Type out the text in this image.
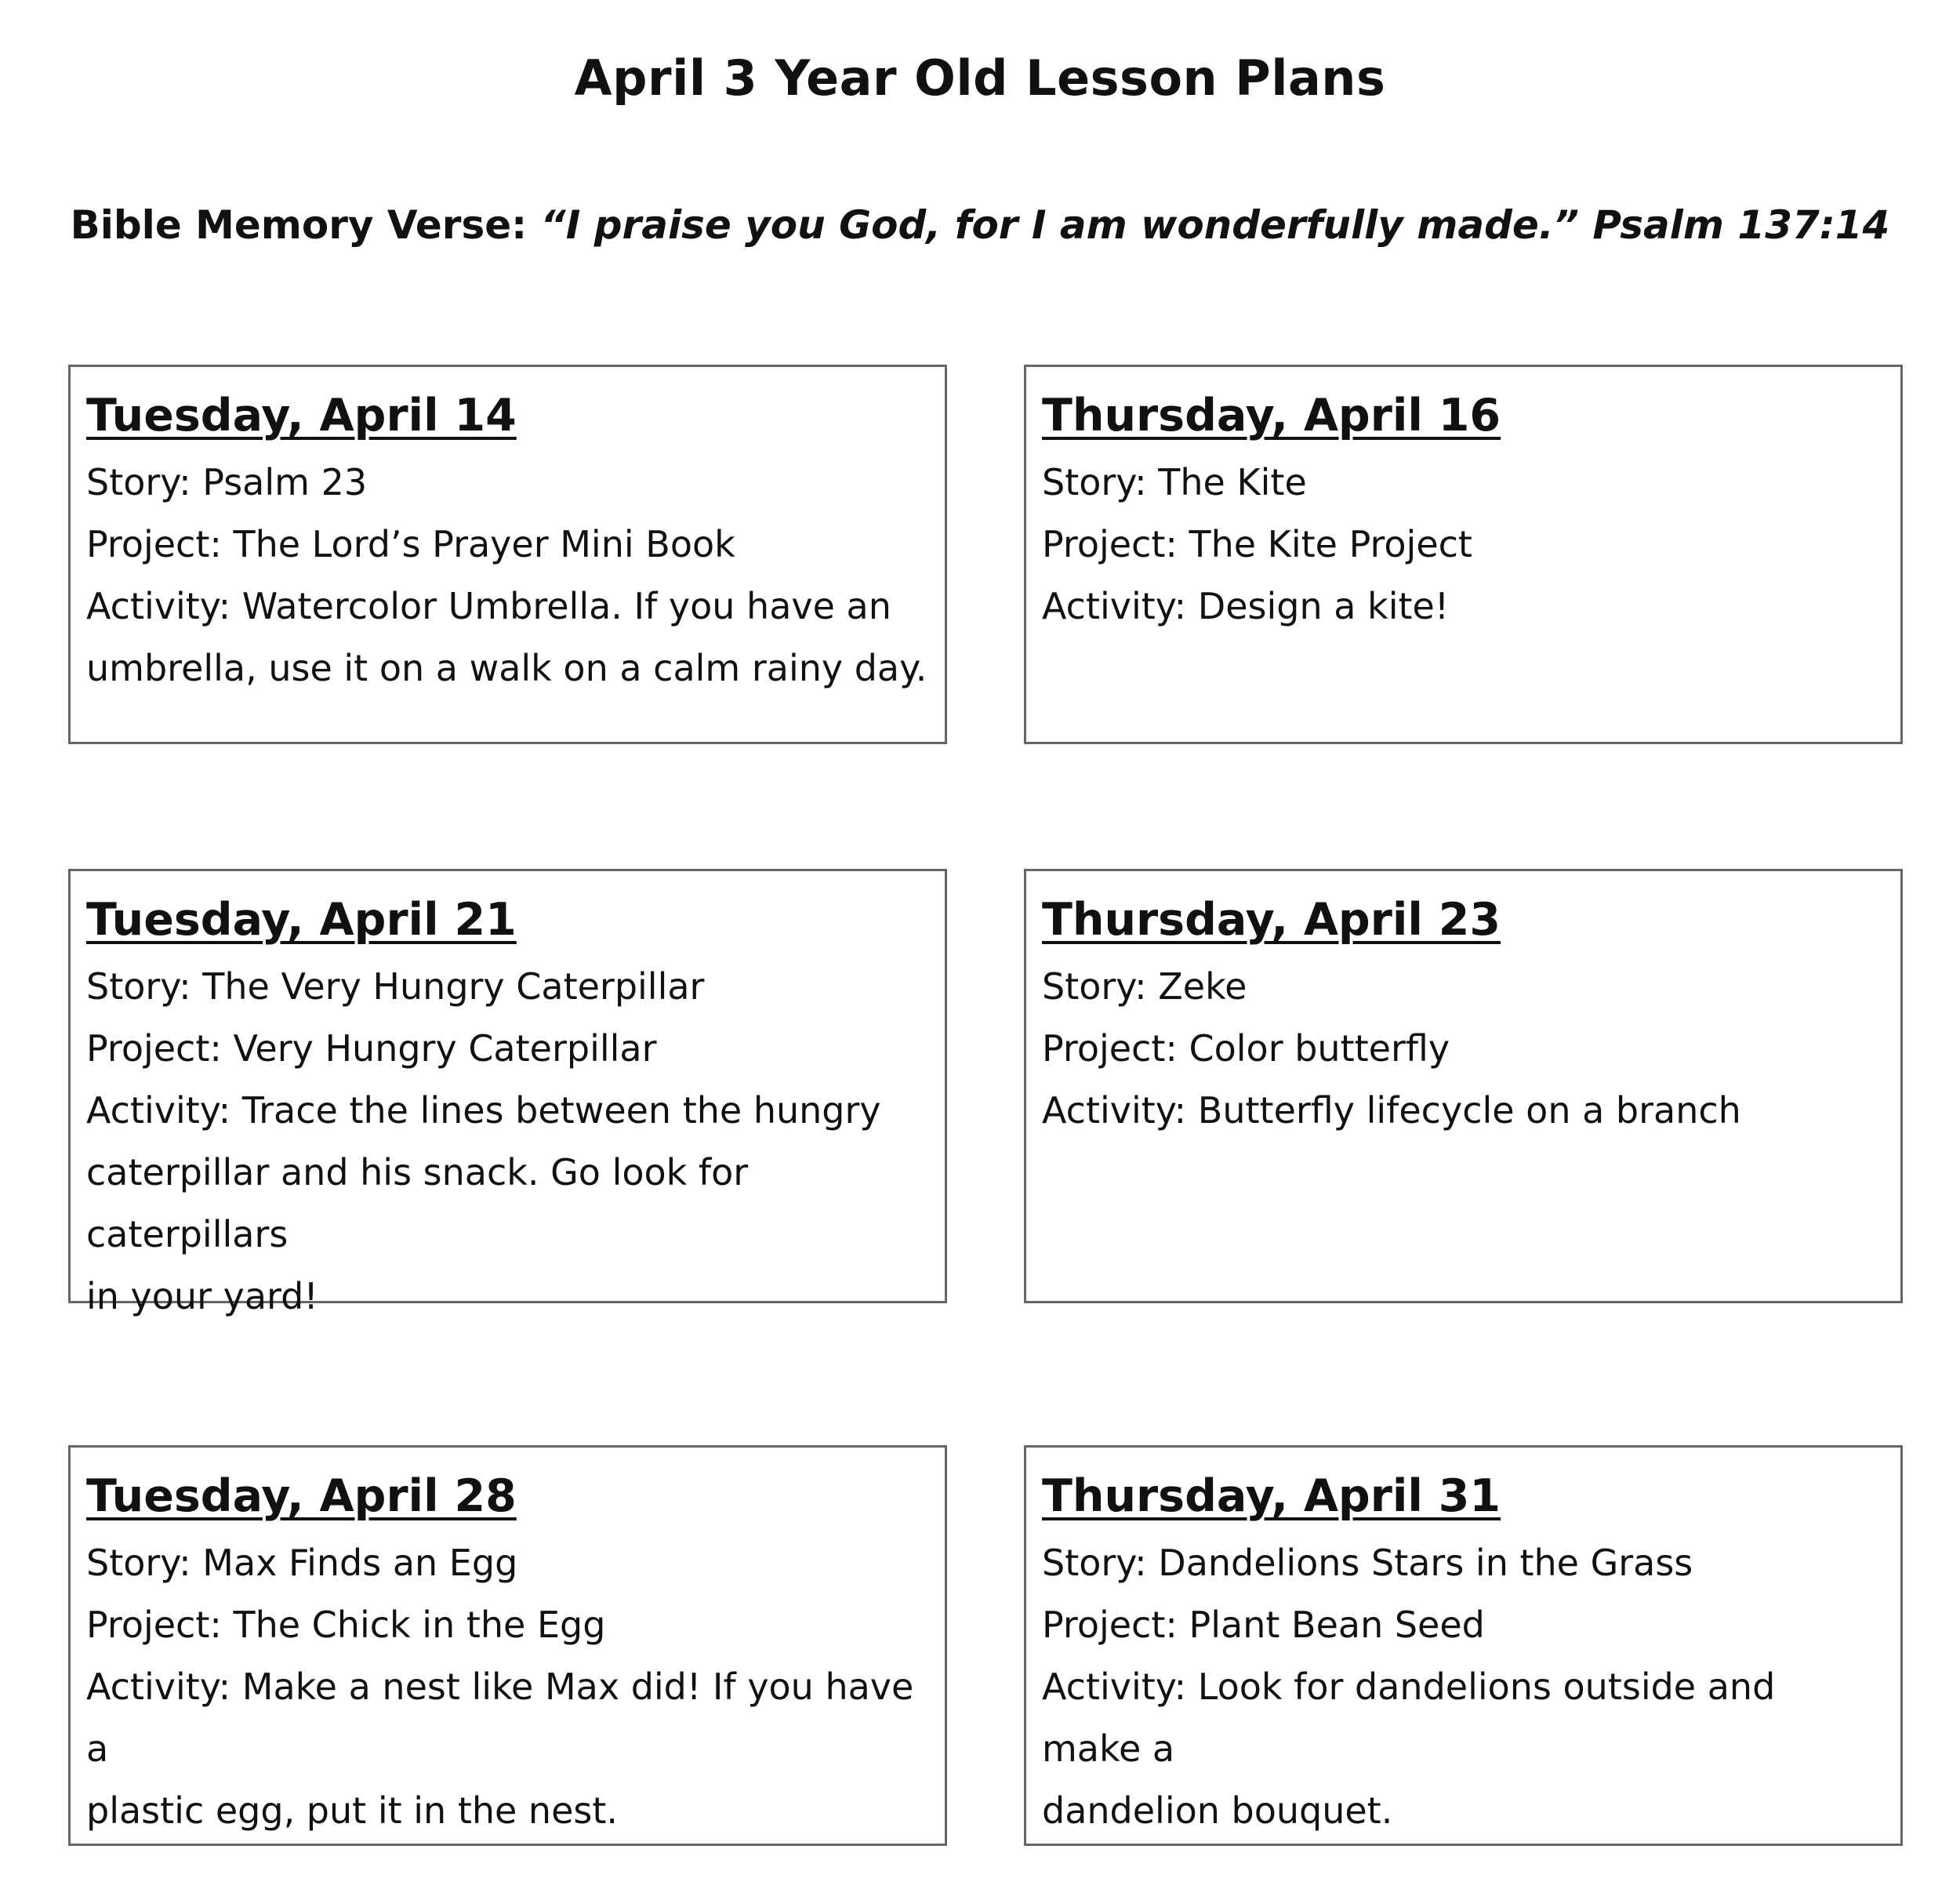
April 3 Year Old Lesson Plans
Bible Memory Verse: “I praise you God, for I am wonderfully made.” Psalm 137:14
Tuesday, April 14
Story: Psalm 23
Project: The Lord’s Prayer Mini Book
Activity: Watercolor Umbrella. If you have an
umbrella, use it on a walk on a calm rainy day.
Thursday, April 16
Story: The Kite
Project: The Kite Project
Activity: Design a kite!
Tuesday, April 21
Story: The Very Hungry Caterpillar
Project: Very Hungry Caterpillar
Activity: Trace the lines between the hungry
caterpillar and his snack. Go look for caterpillars
in your yard!
Thursday, April 23
Story: Zeke
Project: Color butterfly
Activity: Butterfly lifecycle on a branch
Tuesday, April 28
Story: Max Finds an Egg
Project: The Chick in the Egg
Activity: Make a nest like Max did! If you have a
plastic egg, put it in the nest.
Thursday, April 31
Story: Dandelions Stars in the Grass
Project: Plant Bean Seed
Activity: Look for dandelions outside and make a
dandelion bouquet.
